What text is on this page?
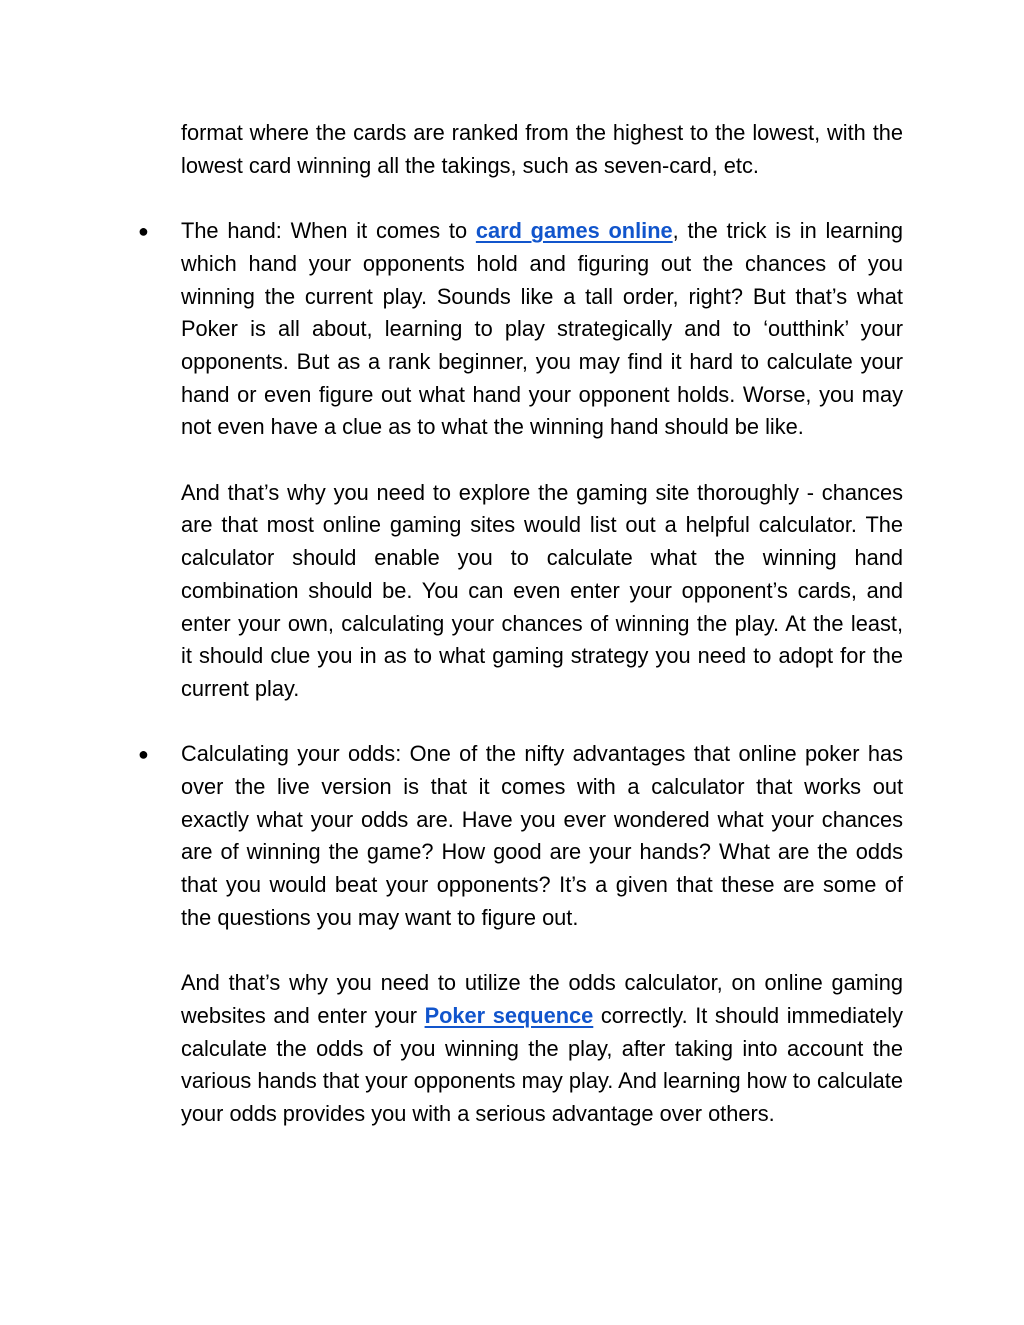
format where the cards are ranked from the highest to the lowest, with the lowest card winning all the takings, such as seven-card, etc.

● The hand: When it comes to card games online, the trick is in learning which hand your opponents hold and figuring out the chances of you winning the current play. Sounds like a tall order, right? But that’s what Poker is all about, learning to play strategically and to ‘outthink’ your opponents. But as a rank beginner, you may find it hard to calculate your hand or even figure out what hand your opponent holds. Worse, you may not even have a clue as to what the winning hand should be like.

And that’s why you need to explore the gaming site thoroughly - chances are that most online gaming sites would list out a helpful calculator. The calculator should enable you to calculate what the winning hand combination should be. You can even enter your opponent’s cards, and enter your own, calculating your chances of winning the play. At the least, it should clue you in as to what gaming strategy you need to adopt for the current play.

● Calculating your odds: One of the nifty advantages that online poker has over the live version is that it comes with a calculator that works out exactly what your odds are. Have you ever wondered what your chances are of winning the game? How good are your hands? What are the odds that you would beat your opponents? It’s a given that these are some of the questions you may want to figure out.

And that’s why you need to utilize the odds calculator, on online gaming websites and enter your Poker sequence correctly. It should immediately calculate the odds of you winning the play, after taking into account the various hands that your opponents may play. And learning how to calculate your odds provides you with a serious advantage over others.
